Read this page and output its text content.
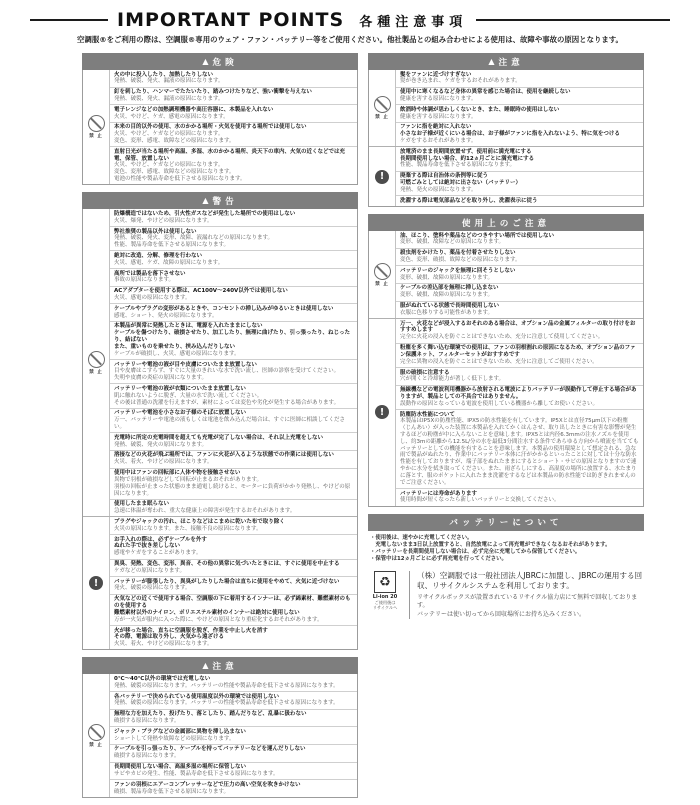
IMPORTANT POINTS 各種注意事項
空調服®をご利用の際は、空調服®専用のウェア・ファン・バッテリー等をご使用ください。他社製品との組み合わせによる使用は、故障や事故の原因となります。
▲ 危険
禁 止

火の中に投入したり、加熱したりしない

発熱、破裂、発火、漏液の原因になります。

釘を刺したり、ハンマーでたたいたり、踏みつけたりなど、強い衝撃を与えない

発熱、破裂、発火、漏液の原因になります。

電子レンジなどの加熱調理機器や高圧容器に、本製品を入れない

火災、やけど、ケガ、感電の原因になります。

本来の目的以外の使用、水のかかる場所・火気を使用する場所では使用しない

火災、やけど、ケガなどの原因になります。

変色、変形、感電、故障などの原因になります。

直射日光が当たる場所や高温、多湿、水のかかる場所、炎天下の車内、火気の近くなどでは充電、保管、放置しない

火災、やけど、ケガなどの原因になります。

変色、変形、感電、故障などの原因になります。

電池の性能や製品寿命を低下させる原因になります。

▲ 警告
禁 止

防爆構造ではないため、引火性ガスなどが発生した場所での使用はしない

火災、爆発、やけどの原因になります。

弊社推奨の製品以外は使用しない

発熱、破裂、発火、変形、故障、液漏れなどの原因になります。

性能、製品寿命を低下させる原因になります。

絶対に改造、分解、修理を行わない

火災、感電、ケガ、故障の原因になります。

高所では製品を落下させない

事故の原因になります。

ACアダプターを使用する際は、AC100V〜240V以外では使用しない

火災、感電の原因になります。

ケーブルやプラグの変形があるときや、コンセントの挿し込みがゆるいときは使用しない

感電、ショート、発火の原因になります。

本製品が異常に発熱したときは、電源を入れたままにしない

ケーブルを傷つけたり、破損させたり、加工したり、無理に曲げたり、引っ張ったり、ねじったり、結ばない

また、重いものを乗せたり、挟み込んだりしない

ケーブルが破損し、火災、感電の原因になります。

バッテリーや電池の液が目や皮膚についたまま放置しない

目や皮膚はこすらず、すぐに大量のきれいな水で洗い流し、医師の診察を受けてください。

失明や皮膚の炎症の原因になります。

バッテリーや電池の液が衣類についたまま放置しない

肌に触れないように脱ぎ、大量の水で洗い流してください。

その後は普通の洗濯を行えますが、素材によっては変色や劣化が発生する場合があります。

バッテリーや電池を小さなお子様のそばに放置しない

万一、バッテリーや電池の液もしくは電池を飲み込んだ場合は、すぐに医師に相談してください。

充電時に所定の充電時間を超えても充電が完了しない場合は、それ以上充電をしない

発熱、破裂、発火の原因になります。

溶接などの火花が飛ぶ場所では、ファンに火花が入るような状態での作業には使用しない

火災、着火、やけどの原因になります。

使用中はファンの回転部に人体や物を接触させない

異物で羽根が破損などして回転が止まるおそれがあります。

羽根の回転が止まった状態のまま通電し続けると、モーターに負荷がかかり発熱し、やけどの原因になります。

使用したまま眠らない

急速に体温が奪われ、重大な健康上の障害が発生するおそれがあります。

!

プラグやジャックの汚れ、ほこりなどはこまめに乾いた布で取り除く

火災の原因になります。また、接触不良の原因になります。

お手入れの際は、必ずケーブルを外す

ぬれた手で抜き差ししない

感電やケガをすることがあります。

異臭、発熱、変色、変形、異音、その他の異常に気づいたときには、すぐに使用を中止する

ケガなどの原因になります。

バッテリーが膨張したり、異臭がしたりした場合は直ちに使用をやめて、火気に近づけない

発火、破裂の原因になります。

火気などの近くで使用する場合、空調服の下に着用するインナーは、必ず綿素材、難燃素材のものを使用する

難燃素材以外のナイロン、ポリエステル素材のインナーは絶対に使用しない

万が一火気が服内に入った際に、やけどの原因となり重症化するおそれがあります。

火が移った場合、直ちに空調服を脱ぎ、作業を中止し火を消す

その際、電源は取り外し、火気から遠ざける

火災、着火、やけどの原因になります。

▲ 注意
禁 止

0℃〜40℃以外の環境では充電しない

発熱、破裂の原因になります。バッテリーの性能や製品寿命を低下させる原因になります。

各バッテリーで決められている使用温度以外の環境では使用しない

発熱、破裂の原因になります。バッテリーの性能や製品寿命を低下させる原因になります。

無理な力を加えたり、投げたり、落としたり、踏んだりなど、乱暴に扱わない

破損する原因になります。

ジャック・プラグなどの金属部に異物を挿し込まない

ショートして発熱や故障などの原因になります。

ケーブルを引っ張ったり、ケーブルを持ってバッテリーなどを運んだりしない

破損する原因になります。

長期間使用しない場合、高温多湿の場所に保管しない

サビやカビの発生、性能、製品寿命を低下させる原因になります。

ファンの羽根にエアーコンプレッサーなどで圧力の高い空気を吹きかけない

破損、製品寿命を低下させる原因になります。

▲ 注意
禁 止

髪をファンに近づけすぎない

髪が巻き込まれ、ケガをするおそれがあります。

使用中に寒くなるなど身体の異常を感じた場合は、使用を継続しない

健康を害する原因になります。

飲酒時や体調が思わしくないとき、また、睡眠時の使用はしない

健康を害する原因になります。

ファンに指を絶対に入れない

小さなお子様が近くにいる場合は、お子様がファンに指を入れないよう、特に気をつける

ケガをするおそれがあります。

!

放電済のまま長期間放置せず、使用前に満充電にする

長期間使用しない場合、約12ヵ月ごとに満充電にする

性能、製品寿命を低下させる原因になります。

廃棄する際は自治体の条例等に従う

可燃ごみとしては絶対に出さない（バッテリー）

発熱、発火の原因になります。

洗濯する際は電気部品などを取り外し、洗濯表示に従う

使用上のご注意
禁 止

油、ほこり、塗料や薬品などのつきやすい場所では使用しない

変形、破損、故障などの原因になります。

殺虫剤をかけたり、薬品を付着させたりしない

変色、変形、破損、故障などの原因になります。

バッテリーのジャックを無理に回そうとしない

変形、破損、故障の原因になります。

ケーブルの差込部を無理に挿し込まない

変形、破損、故障の原因になります。

服がぬれている状態で長時間使用しない

衣服に色移りする可能性があります。

!

万一、火花などが浸入するおそれのある場合は、オプション品の金属フィルターの取り付けをおすすめします

完全に火花の浸入を防ぐことはできないため、充分に注意して使用してください。

粉塵を多く舞い込む環境での使用は、ファンの羽根割れの原因になるため、オプション品のファン保護ネット、フィルターセットがおすすめです

完全に異物の浸入を防ぐことはできないため、充分に注意してご使用ください。

服の破損に注意する

穴が開くと冷却能力が著しく低下します。

無線機などの電波利用機器から放射される電波によりバッテリーが誤動作して停止する場合がありますが、製品としての不具合ではありません。

誤動作の原因となっている電波を使用している機器から離してお使いください。

防塵防水性能について

本製品はIP5Xの防塵性能、IPX5の防水性能を有しています。IP5Xとは直径75μm以下の粉塵（じんあい）が入った装置に本製品を入れてかくはんさせ、取り出したときに有害な影響が発生するほどの粉塵が中に入らないことを意味します。IPX5とは内径6.3mmの注水ノズルを使用し、約3mの距離から12.5L/分の水を最低3分間注水する条件であらゆる方向から噴流を当ててもバッテリーとしての機能を有することを意味します。本製品の使用環境として想定される、急な雨で製品がぬれたり、作業中にバッテリー本体に汗がかかるといったことに対しては十分な防水性能を有しておりますが、端子部をぬれたままにするとショート・サビの原因となりますので速やかに水分を拭き取ってください。また、雨ざらしにする、高湿度の場所に放置する、水たまりに落とす、服のポケットに入れたまま洗濯をするなどは本製品の防水性能では防ぎきれませんのでご注意ください。

バッテリーには寿命があります

使用時間が短くなったら新しいバッテリーと交換してください。

バッテリーについて

・使用後は、速やかに充電してください。

　充電しないまま3日以上放置すると、自然放電によって再充電ができなくなるおそれがあります。

・バッテリーを長期間使用しない場合は、必ず完全に充電してから保管してください。

・保管中は12ヵ月ごとに必ず再充電を行ってください。

♻
Li-ion 20
ご使用後は
リサイクルへ

（株）空調服では一般社団法人JBRCに加盟し、JBRCの運用する回収、リサイクルシステムを利用しております。

リサイクルボックスが設置されているリサイクル協力店にて無料で回収しております。

バッテリーは使い切ってから回収場所にお持ち込みください。
